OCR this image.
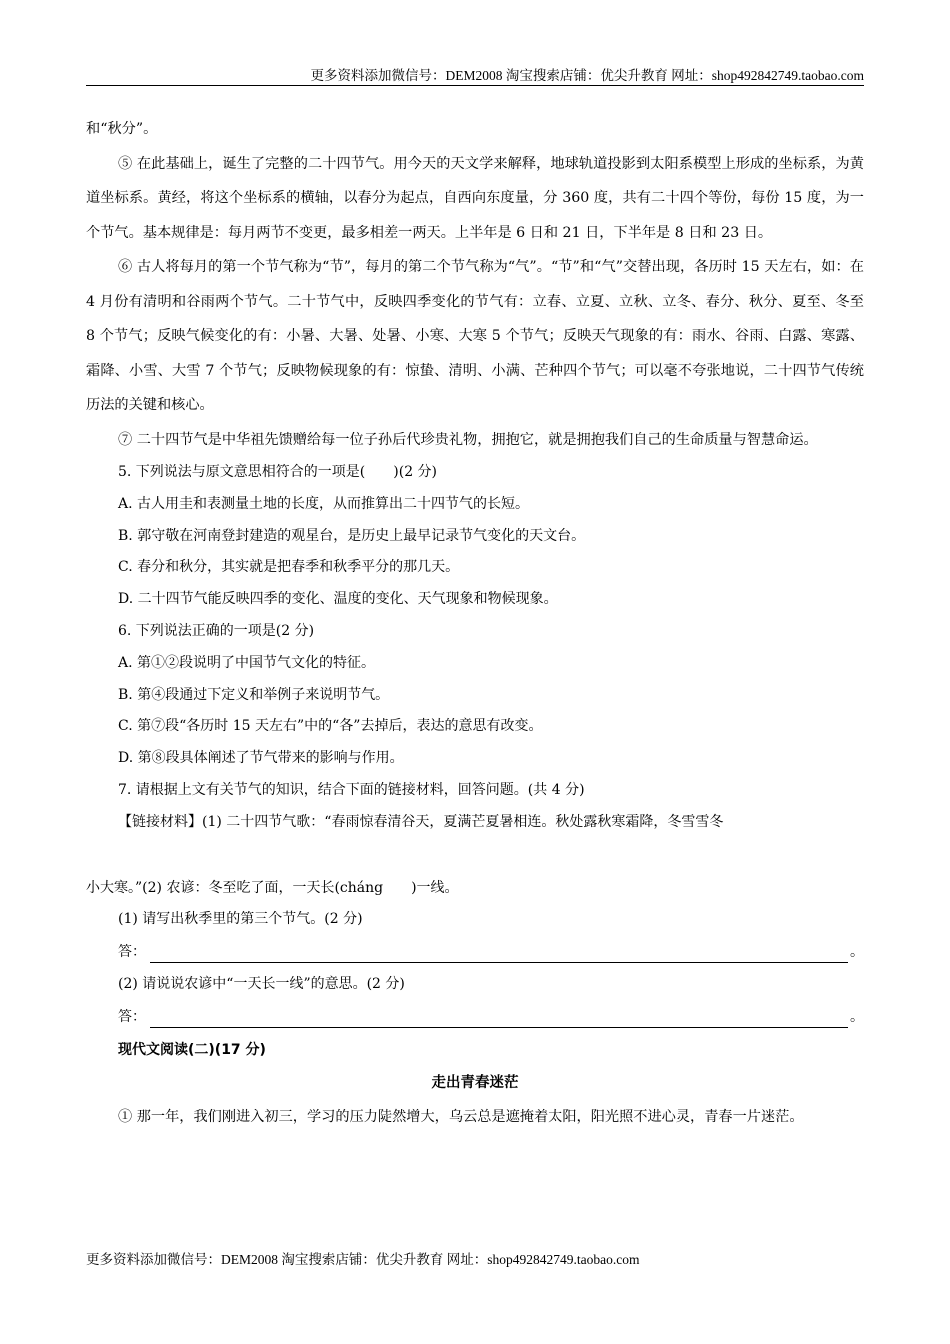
更多资料添加微信号：DEM2008 淘宝搜索店铺：优尖升教育 网址：shop492842749.taobao.com

和“秋分”。

⑤ 在此基础上，诞生了完整的二十四节气。用今天的天文学来解释，地球轨道投影到太阳系模型上形成的坐标系，为黄道坐标系。黄经，将这个坐标系的横轴，以春分为起点，自西向东度量，分 360 度，共有二十四个等份，每份 15 度，为一个节气。基本规律是：每月两节不变更，最多相差一两天。上半年是 6 日和 21 日，下半年是 8 日和 23 日。

⑥ 古人将每月的第一个节气称为“节”，每月的第二个节气称为“气”。“节”和“气”交替出现，各历时 15 天左右，如：在 4 月份有清明和谷雨两个节气。二十节气中，反映四季变化的节气有：立春、立夏、立秋、立冬、春分、秋分、夏至、冬至 8 个节气；反映气候变化的有：小暑、大暑、处暑、小寒、大寒 5 个节气；反映天气现象的有：雨水、谷雨、白露、寒露、霜降、小雪、大雪 7 个节气；反映物候现象的有：惊蛰、清明、小满、芒种四个节气；可以毫不夸张地说，二十四节气传统历法的关键和核心。

⑦ 二十四节气是中华祖先馈赠给每一位子孙后代珍贵礼物，拥抱它，就是拥抱我们自己的生命质量与智慧命运。

5. 下列说法与原文意思相符合的一项是(　　)(2 分)

A. 古人用圭和表测量土地的长度，从而推算出二十四节气的长短。

B. 郭守敬在河南登封建造的观星台，是历史上最早记录节气变化的天文台。

C. 春分和秋分，其实就是把春季和秋季平分的那几天。

D. 二十四节气能反映四季的变化、温度的变化、天气现象和物候现象。

6. 下列说法正确的一项是(2 分)

A. 第①②段说明了中国节气文化的特征。

B. 第④段通过下定义和举例子来说明节气。

C. 第⑦段“各历时 15 天左右”中的“各”去掉后，表达的意思有改变。

D. 第⑧段具体阐述了节气带来的影响与作用。

7. 请根据上文有关节气的知识，结合下面的链接材料，回答问题。(共 4 分)

【链接材料】(1) 二十四节气歌：“春雨惊春清谷天，夏满芒夏暑相连。秋处露秋寒霜降，冬雪雪冬

小大寒。”(2) 农谚：冬至吃了面，一天长(cháng　　)一线。

(1) 请写出秋季里的第三个节气。(2 分)

答：	。

(2) 请说说农谚中“一天长一线”的意思。(2 分)

答：	。

现代文阅读(二)(17 分)

走出青春迷茫

① 那一年，我们刚进入初三，学习的压力陡然增大，乌云总是遮掩着太阳，阳光照不进心灵，青春一片迷茫。

更多资料添加微信号：DEM2008 淘宝搜索店铺：优尖升教育 网址：shop492842749.taobao.com
